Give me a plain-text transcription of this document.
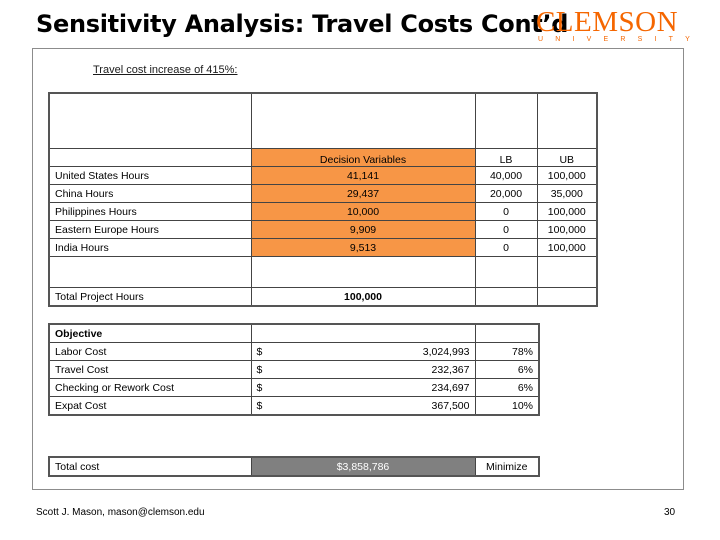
Sensitivity Analysis: Travel Costs Cont’d
CLEMSON
UNIVERSITY
Travel cost increase of 415%:

	Decision Variables	LB	UB
United States Hours	41,141	40,000	100,000
China Hours	29,437	20,000	35,000
Philippines Hours	10,000	0	100,000
Eastern Europe Hours	9,909	0	100,000
India Hours	9,513	0	100,000

Total Project Hours	100,000		
Objective		
Labor Cost	$ 3,024,993	78%
Travel Cost	$ 232,367	6%
Checking or Rework Cost	$ 234,697	6%
Expat Cost	$ 367,500	10%
Total cost	$3,858,786	Minimize
Scott J. Mason, mason@clemson.edu	30
